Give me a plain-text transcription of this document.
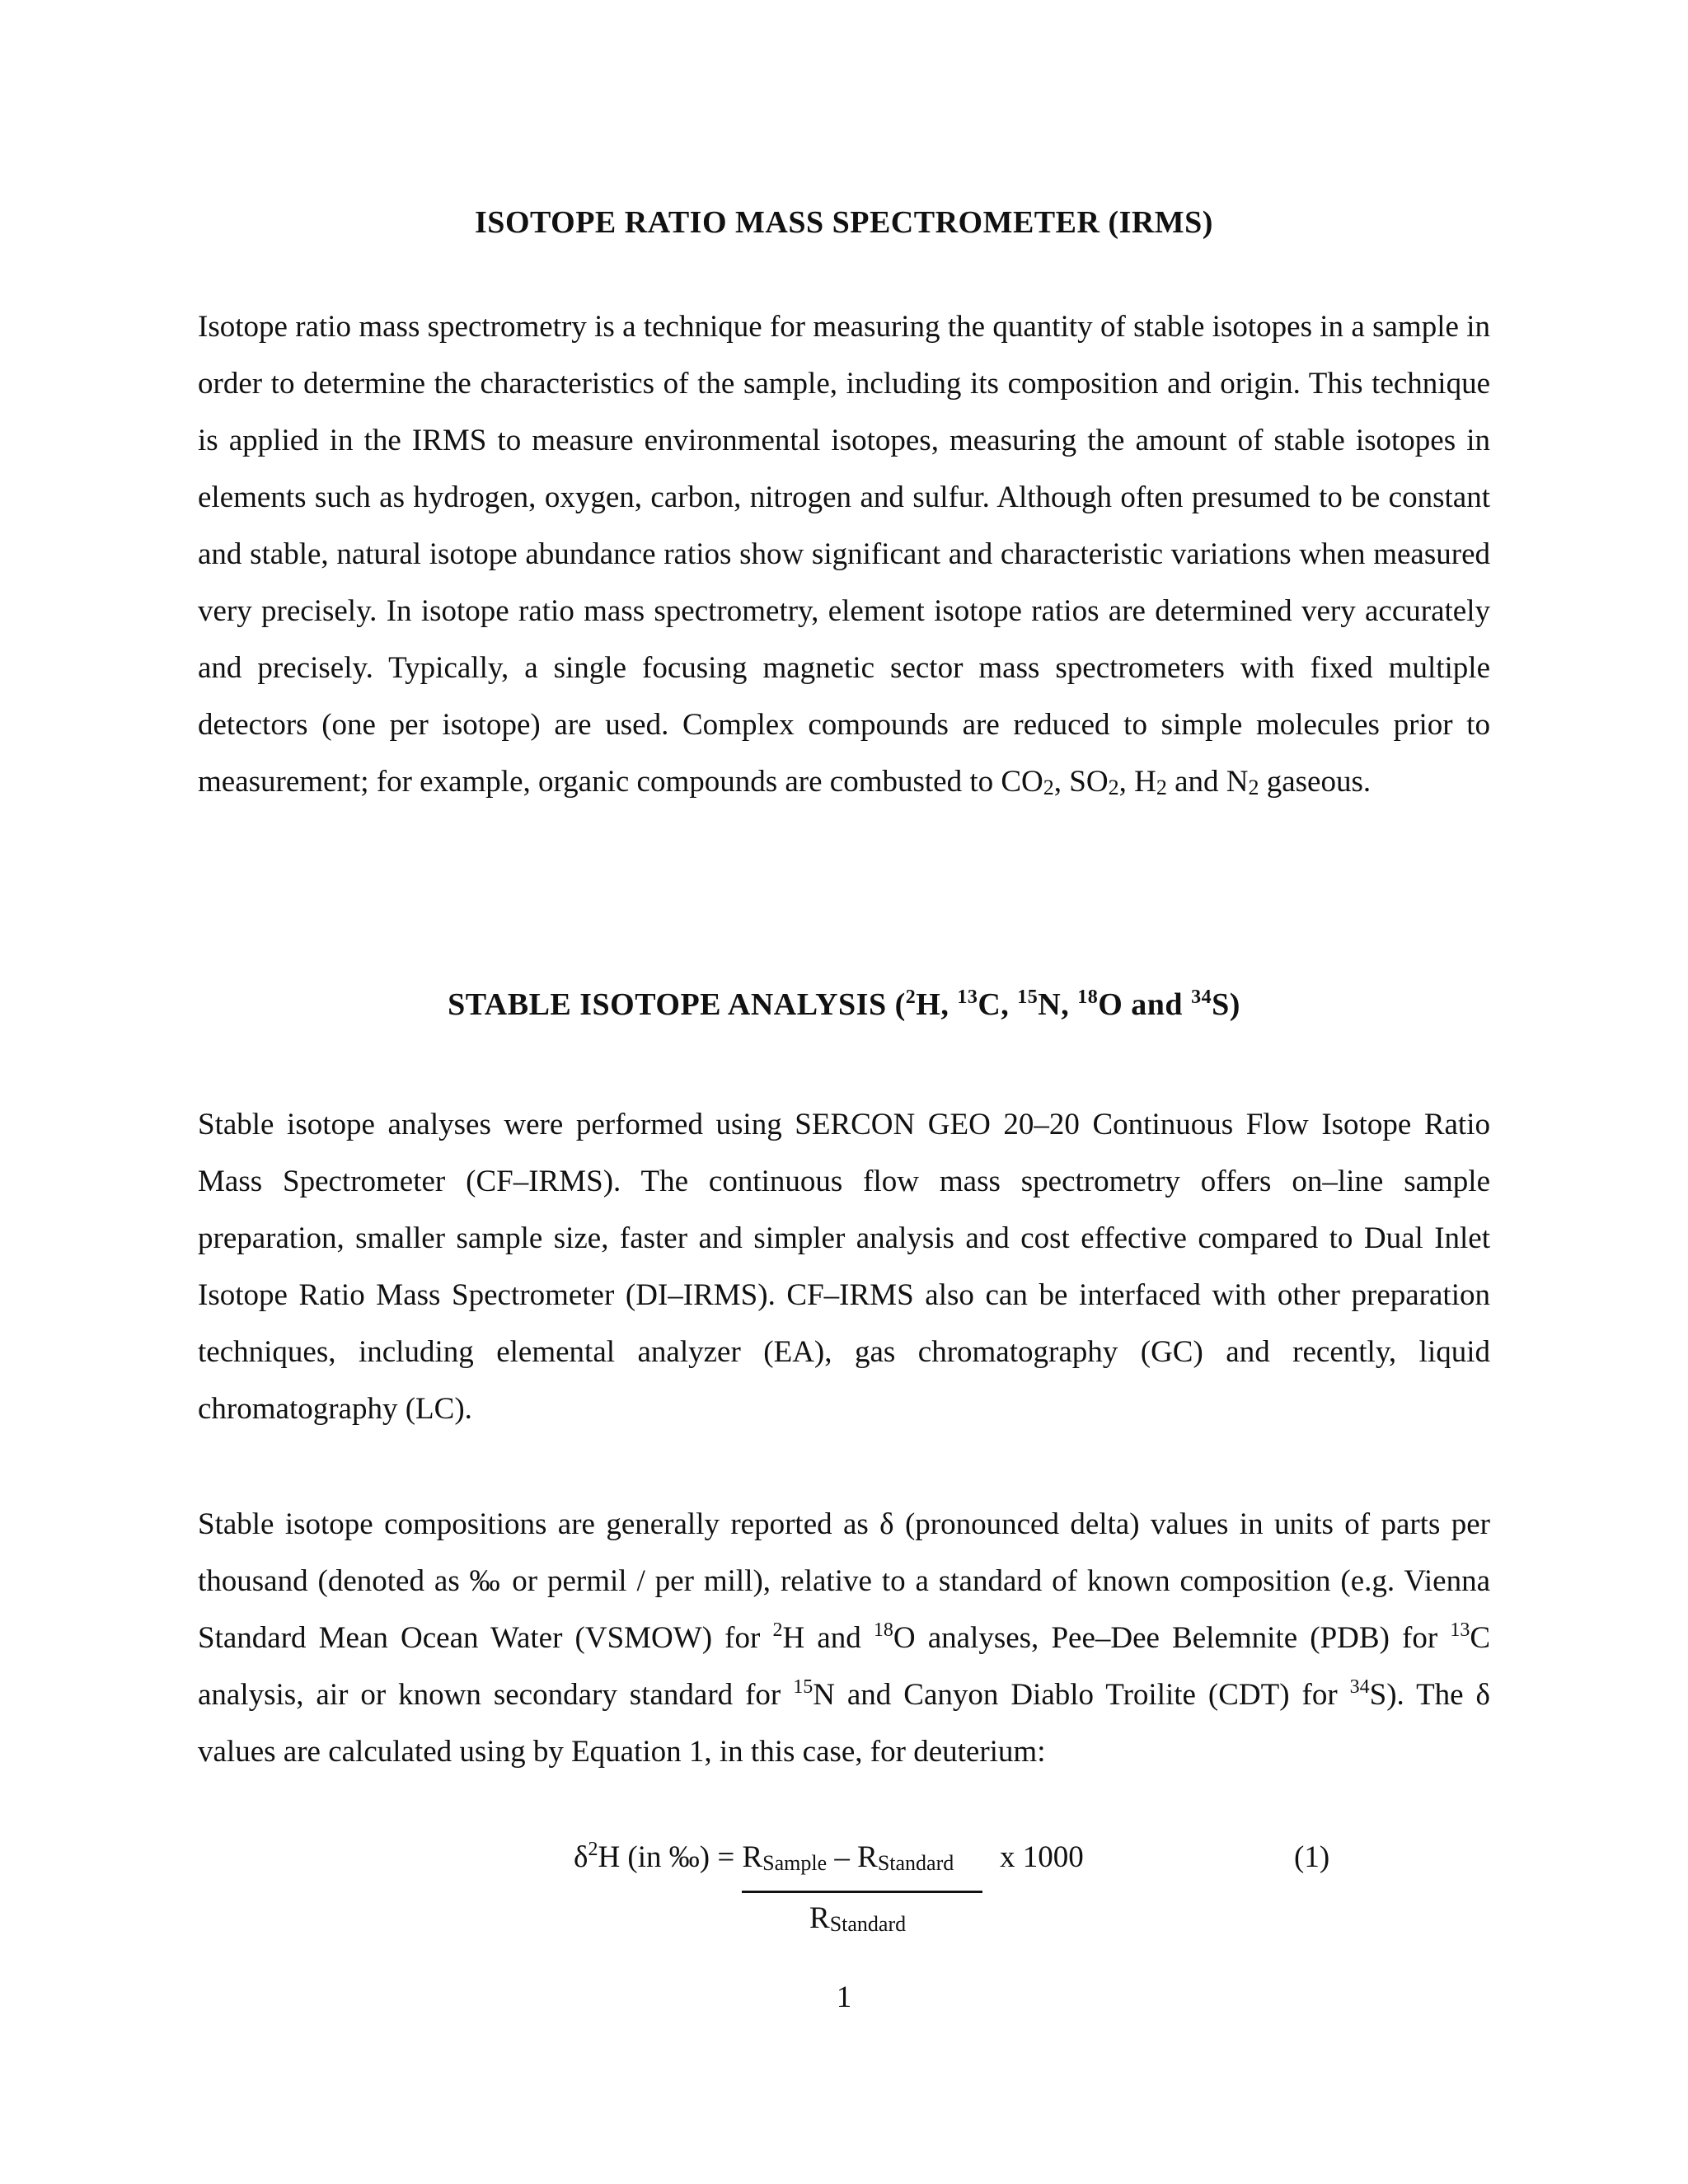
ISOTOPE RATIO MASS SPECTROMETER (IRMS)
Isotope ratio mass spectrometry is a technique for measuring the quantity of stable isotopes in a sample in order to determine the characteristics of the sample, including its composition and origin. This technique is applied in the IRMS to measure environmental isotopes, measuring the amount of stable isotopes in elements such as hydrogen, oxygen, carbon, nitrogen and sulfur. Although often presumed to be constant and stable, natural isotope abundance ratios show significant and characteristic variations when measured very precisely. In isotope ratio mass spectrometry, element isotope ratios are determined very accurately and precisely. Typically, a single focusing magnetic sector mass spectrometers with fixed multiple detectors (one per isotope) are used. Complex compounds are reduced to simple molecules prior to measurement; for example, organic compounds are combusted to $CO_2$, $SO_2$, $H_2$ and $N_2$ gaseous.
STABLE ISOTOPE ANALYSIS ($^2$H, $^{13}$C, $^{15}$N, $^{18}$O and $^{34}$S)
Stable isotope analyses were performed using SERCON GEO 20–20 Continuous Flow Isotope Ratio Mass Spectrometer (CF–IRMS). The continuous flow mass spectrometry offers on–line sample preparation, smaller sample size, faster and simpler analysis and cost effective compared to Dual Inlet Isotope Ratio Mass Spectrometer (DI–IRMS). CF–IRMS also can be interfaced with other preparation techniques, including elemental analyzer (EA), gas chromatography (GC) and recently, liquid chromatography (LC).
Stable isotope compositions are generally reported as δ (pronounced delta) values in units of parts per thousand (denoted as ‰ or permil / per mill), relative to a standard of known composition (e.g. Vienna Standard Mean Ocean Water (VSMOW) for $^2$H and $^{18}$O analyses, Pee–Dee Belemnite (PDB) for $^{13}$C analysis, air or known secondary standard for $^{15}$N and Canyon Diablo Troilite (CDT) for $^{34}$S). The δ values are calculated using by Equation 1, in this case, for deuterium:
$\delta^2H$ (in ‰) = RSample – RStandard x 1000	(1)
RStandard
1
